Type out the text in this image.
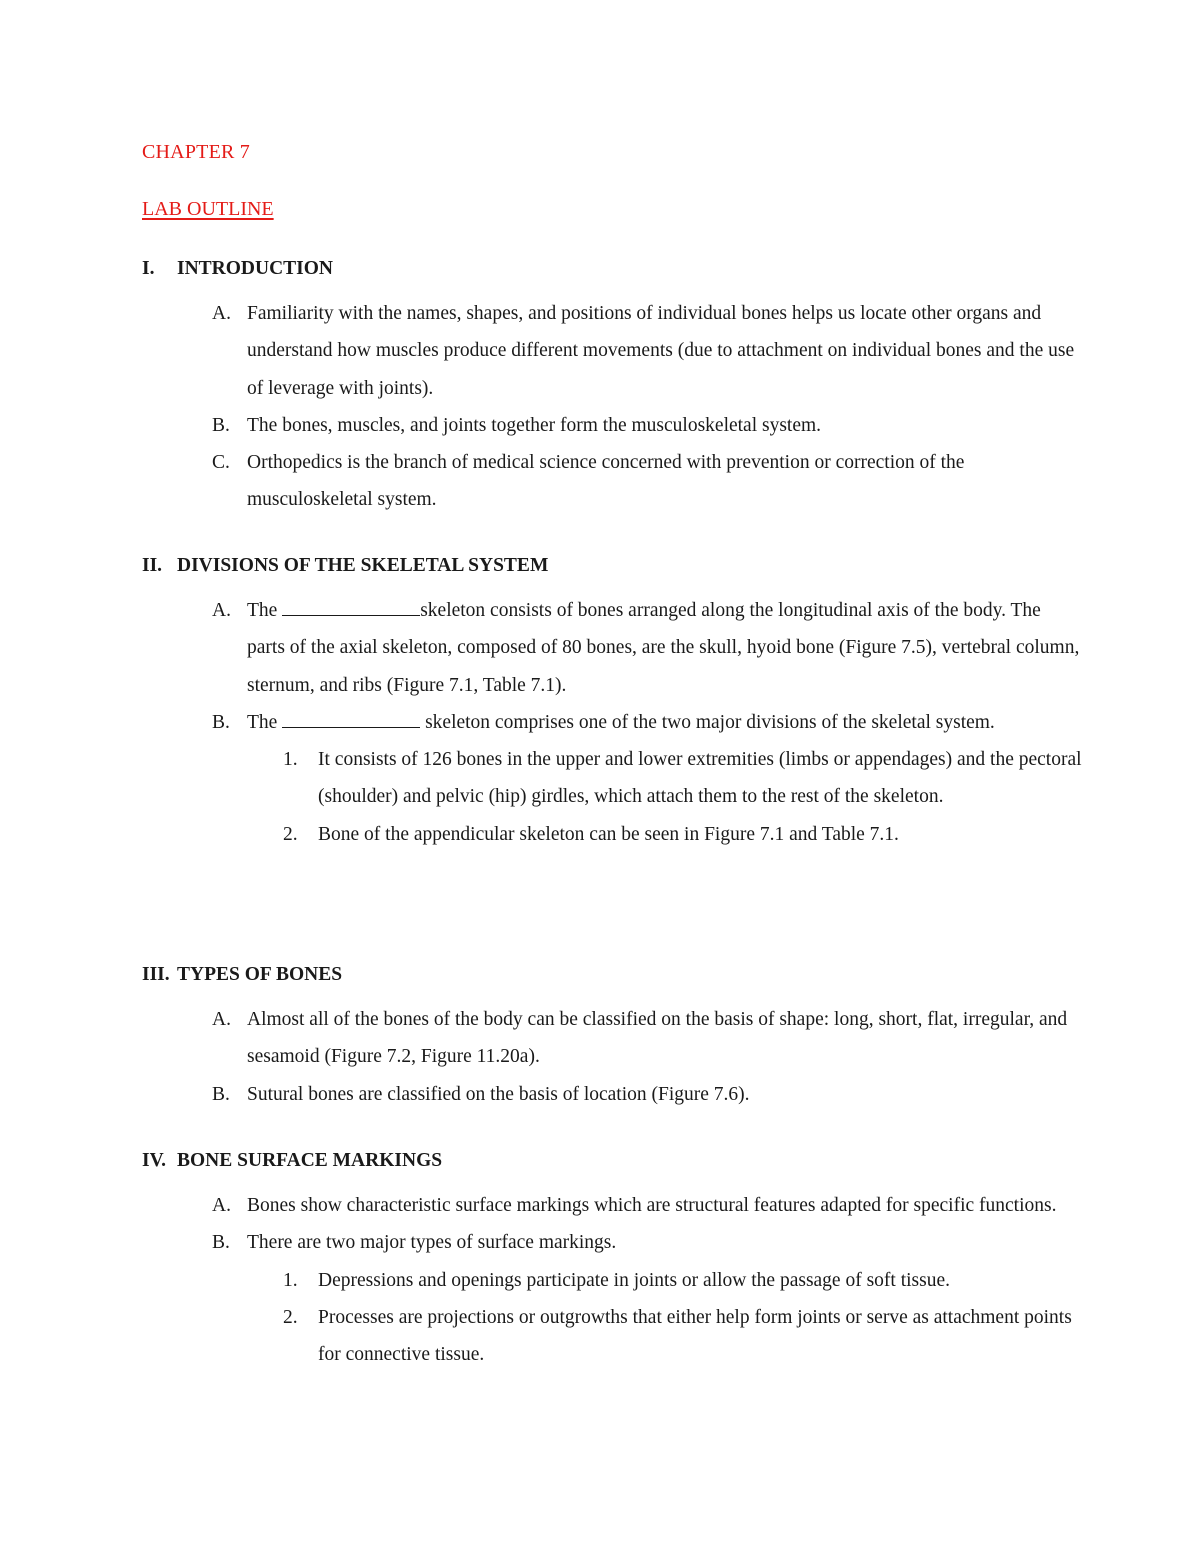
CHAPTER 7
LAB OUTLINE
I. INTRODUCTION
A. Familiarity with the names, shapes, and positions of individual bones helps us locate other organs and understand how muscles produce different movements (due to attachment on individual bones and the use of leverage with joints).
B. The bones, muscles, and joints together form the musculoskeletal system.
C. Orthopedics is the branch of medical science concerned with prevention or correction of the musculoskeletal system.
II. DIVISIONS OF THE SKELETAL SYSTEM
A. The	skeleton consists of bones arranged along the longitudinal axis of the body. The parts of the axial skeleton, composed of 80 bones, are the skull, hyoid bone (Figure 7.5), vertebral column, sternum, and ribs (Figure 7.1, Table 7.1).
B. The	skeleton comprises one of the two major divisions of the skeletal system.
1. It consists of 126 bones in the upper and lower extremities (limbs or appendages) and the pectoral (shoulder) and pelvic (hip) girdles, which attach them to the rest of the skeleton.
2. Bone of the appendicular skeleton can be seen in Figure 7.1 and Table 7.1.
III. TYPES OF BONES
A. Almost all of the bones of the body can be classified on the basis of shape: long, short, flat, irregular, and sesamoid (Figure 7.2, Figure 11.20a).
B. Sutural bones are classified on the basis of location (Figure 7.6).
IV. BONE SURFACE MARKINGS
A. Bones show characteristic surface markings which are structural features adapted for specific functions.
B. There are two major types of surface markings.
1. Depressions and openings participate in joints or allow the passage of soft tissue.
2. Processes are projections or outgrowths that either help form joints or serve as attachment points for connective tissue.
